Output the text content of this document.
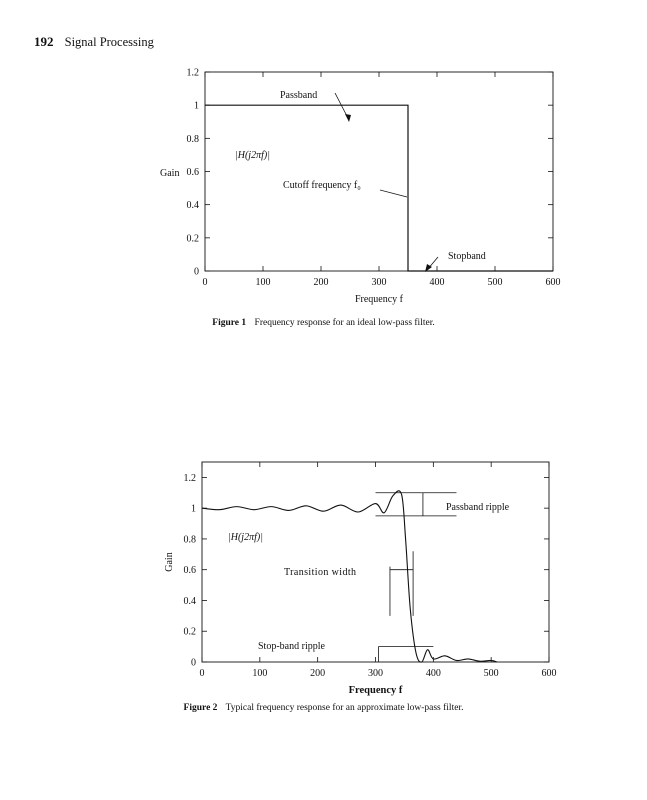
192 Signal Processing
0	100	200	300	400	500	600
0
0.2
0.4
0.6
0.8
1
1.2
Frequency f
Gain
Passband
|H(j2πf)|
Cutoff frequency f₀
Stopband
Figure 1 Frequency response for an ideal low-pass filter.
0	100	200	300	400	500	600
0
0.2
0.4
0.6
0.8
1
1.2
Frequency f
Gain
|H(j2πf)|
Passband ripple
Transition width
Stop-band ripple
Figure 2 Typical frequency response for an approximate low-pass filter.
